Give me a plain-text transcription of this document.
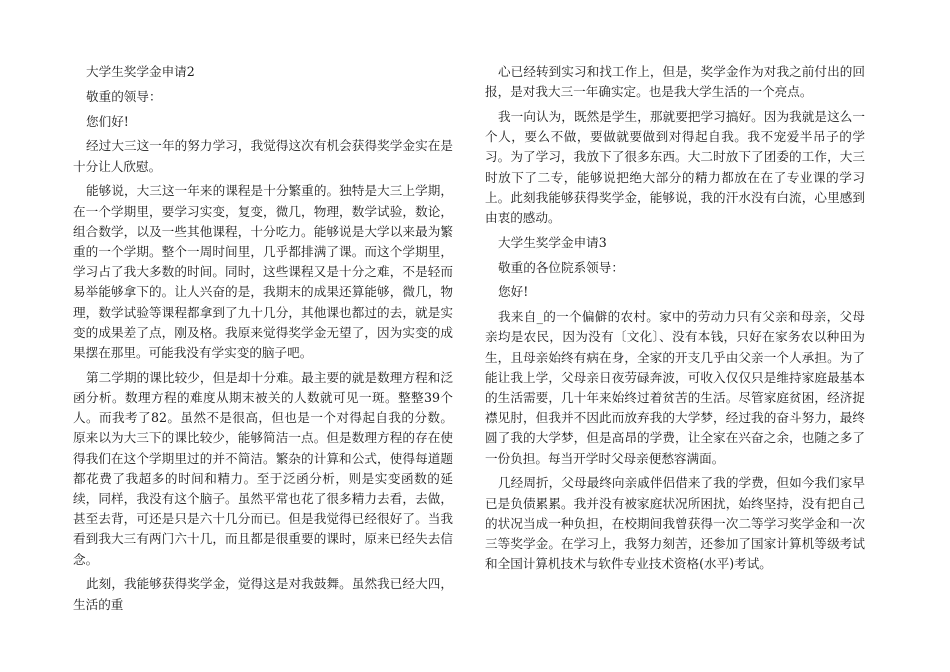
大学生奖学金申请2

敬重的领导：

您们好!

经过大三这一年的努力学习，我觉得这次有机会获得奖学金实在是十分让人欣慰。

能够说，大三这一年来的课程是十分繁重的。独特是大三上学期，在一个学期里，要学习实变，复变，微几，物理，数学试验，数论，组合数学，以及一些其他课程，十分吃力。能够说是大学以来最为繁重的一个学期。整个一周时间里，几乎都排满了课。而这个学期里，学习占了我大多数的时间。同时，这些课程又是十分之难，不是轻而易举能够拿下的。让人兴奋的是，我期末的成果还算能够，微几，物理，数学试验等课程都拿到了九十几分，其他课也都过的去，就是实变的成果差了点，刚及格。我原来觉得奖学金无望了，因为实变的成果摆在那里。可能我没有学实变的脑子吧。

第二学期的课比较少，但是却十分难。最主要的就是数理方程和泛函分析。数理方程的难度从期末被关的人数就可见一斑。整整39个人。而我考了82。虽然不是很高，但也是一个对得起自我的分数。原来以为大三下的课比较少，能够简洁一点。但是数理方程的存在使得我们在这个学期里过的并不简洁。繁杂的计算和公式，使得每道题都花费了我超多的时间和精力。至于泛函分析，则是实变函数的延续，同样，我没有这个脑子。虽然平常也花了很多精力去看，去做，甚至去背，可还是只是六十几分而已。但是我觉得已经很好了。当我看到我大三有两门六十几，而且都是很重要的课时，原来已经失去信念。

此刻，我能够获得奖学金，觉得这是对我鼓舞。虽然我已经大四，生活的重

心已经转到实习和找工作上，但是，奖学金作为对我之前付出的回报，是对我大三一年确实定。也是我大学生活的一个亮点。

我一向认为，既然是学生，那就要把学习搞好。因为我就是这么一个人，要么不做，要做就要做到对得起自我。我不宠爱半吊子的学习。为了学习，我放下了很多东西。大二时放下了团委的工作，大三时放下了二专，能够说把绝大部分的精力都放在在了专业课的学习上。此刻我能够获得奖学金，能够说，我的汗水没有白流，心里感到由衷的感动。

大学生奖学金申请3

敬重的各位院系领导：

您好!

我来自_的一个偏僻的农村。家中的劳动力只有父亲和母亲，父母亲均是农民，因为没有〔文化〕、没有本钱，只好在家务农以种田为生，且母亲始终有病在身，全家的开支几乎由父亲一个人承担。为了能让我上学，父母亲日夜劳碌奔波，可收入仅仅只是维持家庭最基本的生活需要，几十年来始终过着贫苦的生活。尽管家庭贫困，经济捉襟见肘，但我并不因此而放弃我的大学梦，经过我的奋斗努力，最终圆了我的大学梦，但是高昂的学费，让全家在兴奋之余，也随之多了一份负担。每当开学时父母亲便愁容满面。

几经周折，父母最终向亲戚伴侣借来了我的学费，但如今我们家早已是负债累累。我并没有被家庭状况所困扰，始终坚持，没有把自己的状况当成一种负担，在校期间我曾获得一次二等学习奖学金和一次三等奖学金。在学习上，我努力刻苦，还参加了国家计算机等级考试和全国计算机技术与软件专业技术资格(水平)考试。
